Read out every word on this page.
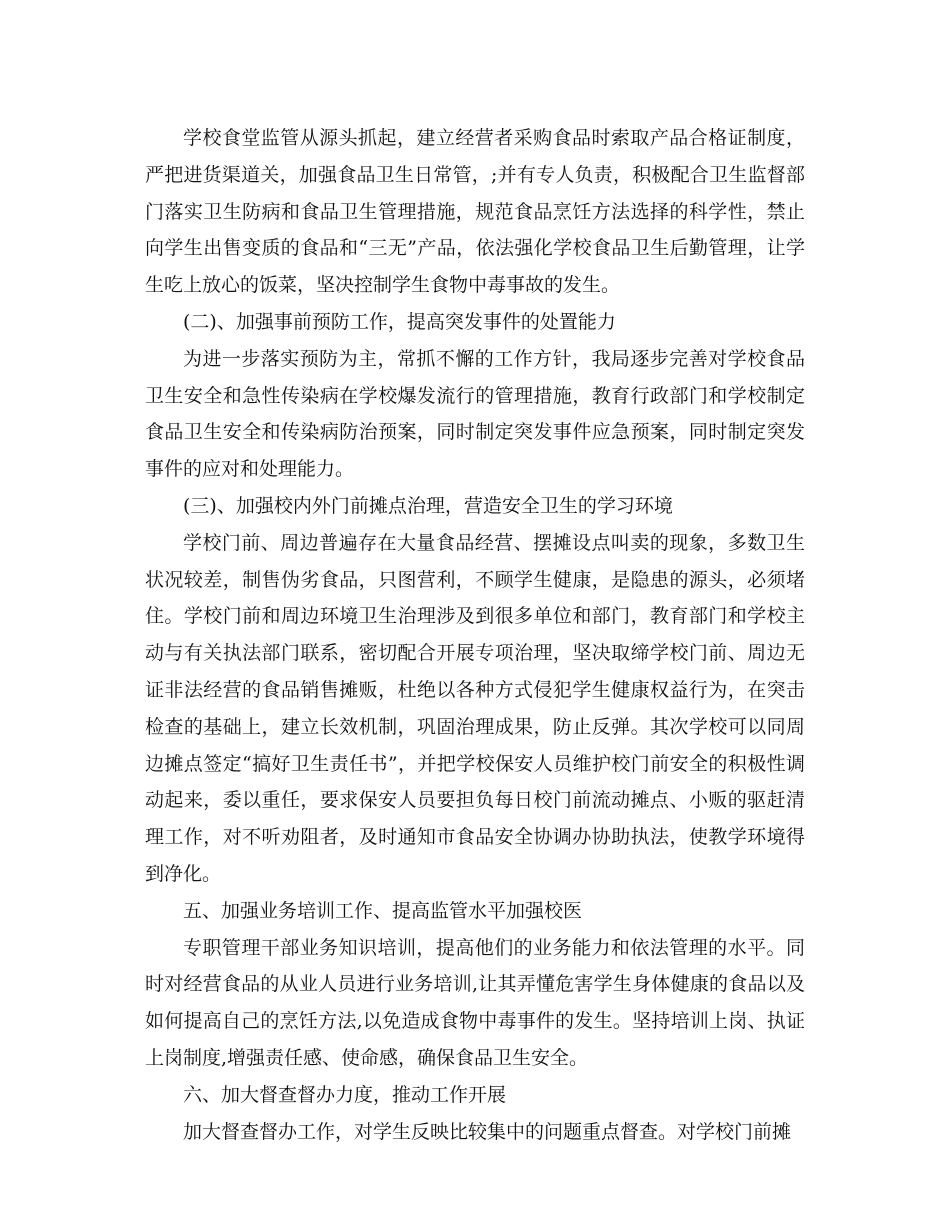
学校食堂监管从源头抓起，建立经营者采购食品时索取产品合格证制度，严把进货渠道关，加强食品卫生日常管，;并有专人负责，积极配合卫生监督部门落实卫生防病和食品卫生管理措施，规范食品烹饪方法选择的科学性，禁止向学生出售变质的食品和“三无”产品，依法强化学校食品卫生后勤管理，让学生吃上放心的饭菜，坚决控制学生食物中毒事故的发生。

(二)、加强事前预防工作，提高突发事件的处置能力

为进一步落实预防为主，常抓不懈的工作方针，我局逐步完善对学校食品卫生安全和急性传染病在学校爆发流行的管理措施，教育行政部门和学校制定食品卫生安全和传染病防治预案，同时制定突发事件应急预案，同时制定突发事件的应对和处理能力。

(三)、加强校内外门前摊点治理，营造安全卫生的学习环境

学校门前、周边普遍存在大量食品经营、摆摊设点叫卖的现象，多数卫生状况较差，制售伪劣食品，只图营利，不顾学生健康，是隐患的源头，必须堵住。学校门前和周边环境卫生治理涉及到很多单位和部门，教育部门和学校主动与有关执法部门联系，密切配合开展专项治理，坚决取缔学校门前、周边无证非法经营的食品销售摊贩，杜绝以各种方式侵犯学生健康权益行为，在突击检查的基础上，建立长效机制，巩固治理成果，防止反弹。其次学校可以同周边摊点签定“搞好卫生责任书”，并把学校保安人员维护校门前安全的积极性调动起来，委以重任，要求保安人员要担负每日校门前流动摊点、小贩的驱赶清理工作，对不听劝阻者，及时通知市食品安全协调办协助执法，使教学环境得到净化。

五、加强业务培训工作、提高监管水平加强校医

专职管理干部业务知识培训，提高他们的业务能力和依法管理的水平。同时对经营食品的从业人员进行业务培训,让其弄懂危害学生身体健康的食品以及如何提高自己的烹饪方法,以免造成食物中毒事件的发生。坚持培训上岗、执证上岗制度,增强责任感、使命感，确保食品卫生安全。

六、加大督查督办力度，推动工作开展

加大督查督办工作，对学生反映比较集中的问题重点督查。对学校门前摊
